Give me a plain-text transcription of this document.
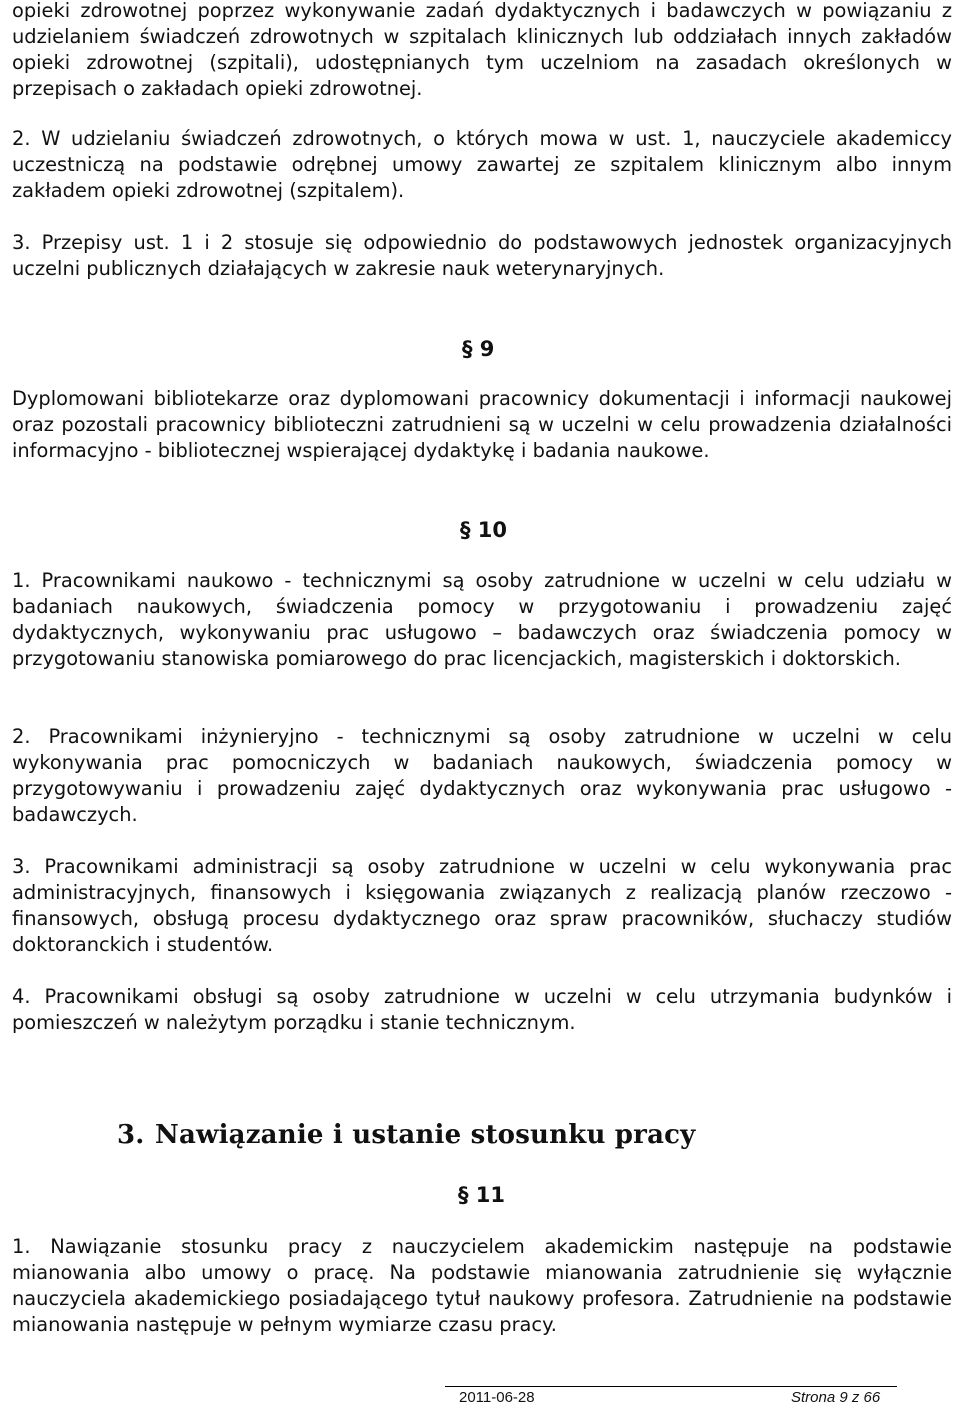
opieki zdrowotnej poprzez wykonywanie zadań dydaktycznych i badawczych w powiązaniu z udzielaniem świadczeń zdrowotnych w szpitalach klinicznych lub oddziałach innych zakładów opieki zdrowotnej (szpitali), udostępnianych tym uczelniom na zasadach określonych w przepisach o zakładach opieki zdrowotnej.

2. W udzielaniu świadczeń zdrowotnych, o których mowa w ust. 1, nauczyciele akademiccy uczestniczą na podstawie odrębnej umowy zawartej ze szpitalem klinicznym albo innym zakładem opieki zdrowotnej (szpitalem).

3. Przepisy ust. 1 i 2 stosuje się odpowiednio do podstawowych jednostek organizacyjnych uczelni publicznych działających w zakresie nauk weterynaryjnych.

§ 9

Dyplomowani bibliotekarze oraz dyplomowani pracownicy dokumentacji i informacji naukowej oraz pozostali pracownicy biblioteczni zatrudnieni są w uczelni w celu prowadzenia działalności informacyjno - bibliotecznej wspierającej dydaktykę i badania naukowe.

§ 10

1. Pracownikami naukowo - technicznymi są osoby zatrudnione w uczelni w celu udziału w badaniach naukowych, świadczenia pomocy w przygotowaniu i prowadzeniu zajęć dydaktycznych, wykonywaniu prac usługowo – badawczych oraz świadczenia pomocy w przygotowaniu stanowiska pomiarowego do prac licencjackich, magisterskich i doktorskich.

2. Pracownikami inżynieryjno - technicznymi są osoby zatrudnione w uczelni w celu wykonywania prac pomocniczych w badaniach naukowych, świadczenia pomocy w przygotowywaniu i prowadzeniu zajęć dydaktycznych oraz wykonywania prac usługowo - badawczych.

3. Pracownikami administracji są osoby zatrudnione w uczelni w celu wykonywania prac administracyjnych, finansowych i księgowania związanych z realizacją planów rzeczowo - finansowych, obsługą procesu dydaktycznego oraz spraw pracowników, słuchaczy studiów doktoranckich i studentów.

4. Pracownikami obsługi są osoby zatrudnione w uczelni w celu utrzymania budynków i pomieszczeń w należytym porządku i stanie technicznym.

3. Nawiązanie i ustanie stosunku pracy

§ 11

1. Nawiązanie stosunku pracy z nauczycielem akademickim następuje na podstawie mianowania albo umowy o pracę. Na podstawie mianowania zatrudnienie się wyłącznie nauczyciela akademickiego posiadającego tytuł naukowy profesora. Zatrudnienie na podstawie mianowania następuje w pełnym wymiarze czasu pracy.

2011-06-28	Strona 9 z 66
